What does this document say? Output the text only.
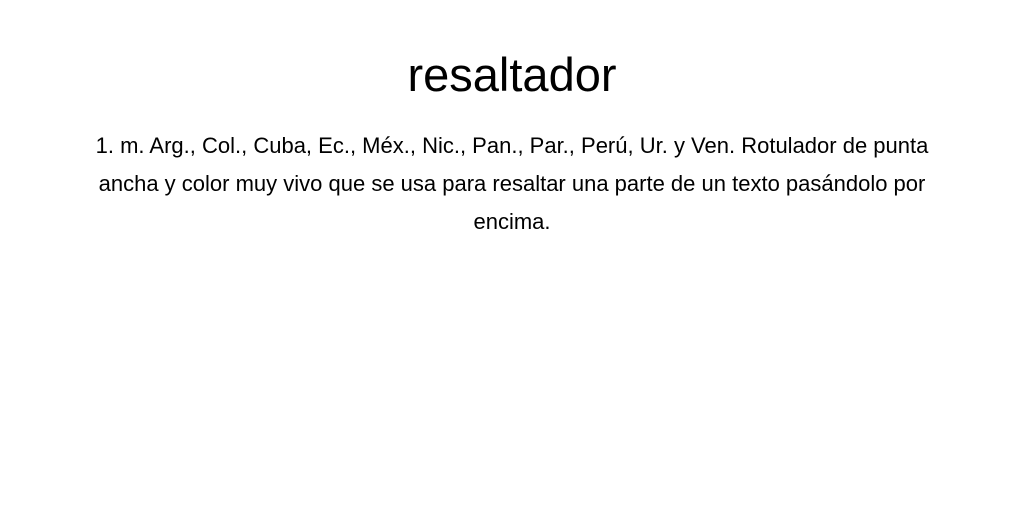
resaltador

1. m. Arg., Col., Cuba, Ec., Méx., Nic., Pan., Par., Perú, Ur. y Ven. Rotulador de punta ancha y color muy vivo que se usa para resaltar una parte de un texto pasándolo por encima.
